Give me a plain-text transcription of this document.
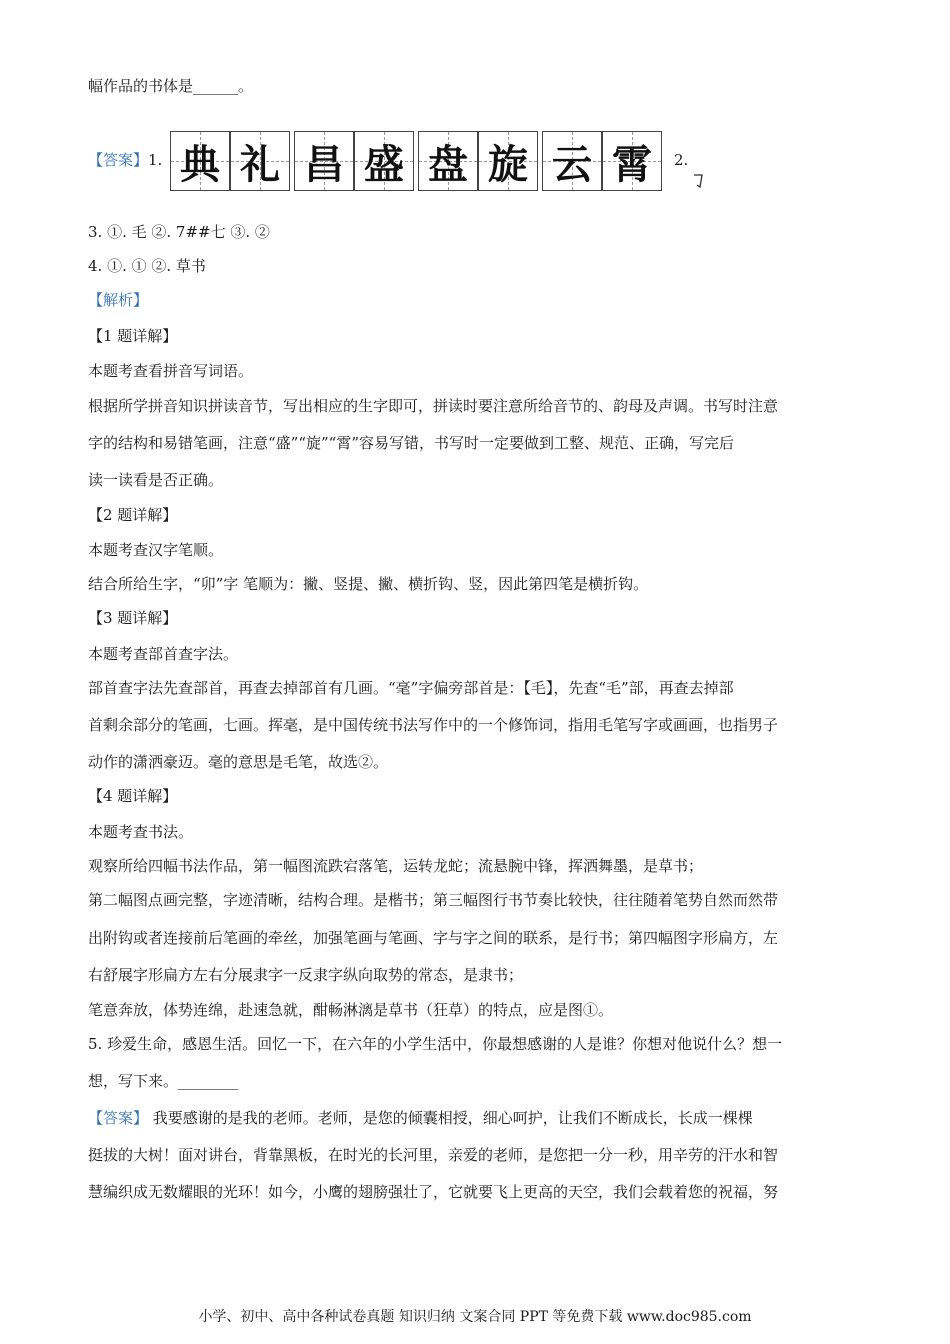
幅作品的书体是______。
【答案】1. 典 礼 昌 盛 盘 旋 云 霄 2.
3. ①. 毛 ②. 7##七 ③. ②
4. ①. ① ②. 草书
【解析】
【1 题详解】
本题考查看拼音写词语。
根据所学拼音知识拼读音节，写出相应的生字即可，拼读时要注意所给音节的、韵母及声调。书写时注意
字的结构和易错笔画，注意“盛”“旋”“霄”容易写错，书写时一定要做到工整、规范、正确，写完后
读一读看是否正确。
【2 题详解】
本题考查汉字笔顺。
结合所给生字，“卯”字 笔顺为：撇、竖提、撇、横折钩、竖，因此第四笔是横折钩。
【3 题详解】
本题考查部首查字法。
部首查字法先查部首，再查去掉部首有几画。“毫”字偏旁部首是：【毛】，先查“毛”部，再查去掉部
首剩余部分的笔画，七画。挥毫，是中国传统书法写作中的一个修饰词，指用毛笔写字或画画，也指男子
动作的潇洒豪迈。毫的意思是毛笔，故选②。
【4 题详解】
本题考查书法。
观察所给四幅书法作品，第一幅图流跌宕落笔，运转龙蛇；流悬腕中锋，挥洒舞墨，是草书；
第二幅图点画完整，字迹清晰，结构合理。是楷书；第三幅图行书节奏比较快，往往随着笔势自然而然带
出附钩或者连接前后笔画的牵丝，加强笔画与笔画、字与字之间的联系，是行书；第四幅图字形扁方，左
右舒展字形扁方左右分展隶字一反隶字纵向取势的常态，是隶书；
笔意奔放，体势连绵，赴速急就，酣畅淋漓是草书（狂草）的特点，应是图①。
5. 珍爱生命，感恩生活。回忆一下，在六年的小学生活中，你最想感谢的人是谁？你想对他说什么？想一
想，写下来。________
【答案】 我要感谢的是我的老师。老师，是您的倾囊相授，细心呵护，让我们不断成长，长成一棵棵
挺拔的大树！面对讲台，背靠黑板，在时光的长河里，亲爱的老师，是您把一分一秒，用辛劳的汗水和智
慧编织成无数耀眼的光环！如今，小鹰的翅膀强壮了，它就要飞上更高的天空，我们会载着您的祝福，努
小学、初中、高中各种试卷真题 知识归纳 文案合同 PPT 等免费下载 www.doc985.com
